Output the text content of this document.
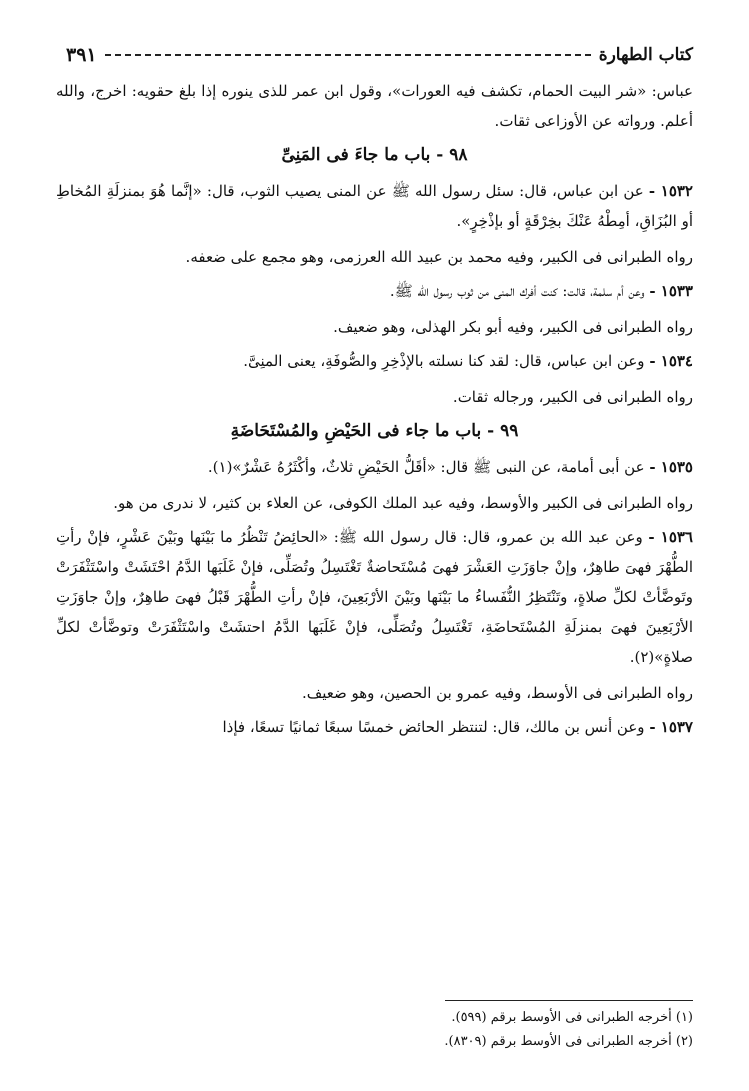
كتاب الطهارة
٣٩١

عباس: «شر البيت الحمام، تكشف فيه العورات»، وقول ابن عمر للذى ينوره إذا بلغ حقويه: اخرج، والله أعلم. ورواته عن الأوزاعى ثقات.

٩٨ - باب ما جاءَ فى المَنِىِّ

١٥٣٢ - عن ابن عباس، قال: سئل رسول الله ﷺ عن المنى يصيب الثوب، قال: «إنَّما هُوَ بمنزلَةِ المُخاطِ أو البُزَاقِ، أمِطْهُ عَنْكَ بخِرْقَةٍ أو بإذْخِرٍ».

رواه الطبرانى فى الكبير، وفيه محمد بن عبيد الله العرزمى، وهو مجمع على ضعفه.

١٥٣٣ - وعن أم سلمة، قالت: كنت أفرك المنى من ثوب رسول الله ﷺ.

رواه الطبرانى فى الكبير، وفيه أبو بكر الهذلى، وهو ضعيف.

١٥٣٤ - وعن ابن عباس، قال: لقد كنا نسلته بالإذْخِرِ والصُّوفَةِ، يعنى المنِىَّ.

رواه الطبرانى فى الكبير، ورجاله ثقات.

٩٩ - باب ما جاء فى الحَيْضِ والمُسْتَحَاضَةِ

١٥٣٥ - عن أبى أمامة، عن النبى ﷺ قال: «أقَلُّ الحَيْضِ ثلاثٌ، وأكْثَرُهُ عَشْرٌ»(١).

رواه الطبرانى فى الكبير والأوسط، وفيه عبد الملك الكوفى، عن العلاء بن كثير، لا ندرى من هو.

١٥٣٦ - وعن عبد الله بن عمرو، قال: قال رسول الله ﷺ: «الحائِضُ تَنْظُرُ ما بَيْنَها وبَيْنَ عَشْرٍ، فإنْ رأتِ الطُّهْرَ فهىَ طاهِرٌ، وإنْ جاوَزَتِ العَشْرَ فهىَ مُسْتَحاضةٌ تَغْتَسِلُ وتُصَلِّى، فإنْ غَلَبَها الدَّمُ احْتَشَتْ واسْتَثْفَرَتْ وتَوضَّأتْ لكلِّ صلاةٍ، وتَنْتَظِرُ النُّفَساءُ ما بَيْنَها وبَيْنَ الأرْبَعِينَ، فإنْ رأتِ الطُّهْرَ قَبْلُ فهىَ طاهِرٌ، وإنْ جاوَزَتِ الأرْبَعِينَ فهىَ بمنزلَةِ المُسْتَحاضَةِ، تَغْتَسِلُ وتُصَلِّى، فإنْ غَلَبَها الدَّمُ احتشَتْ واسْتَثْفَرَتْ وتوضَّأتْ لكلِّ صلاةٍ»(٢).

رواه الطبرانى فى الأوسط، وفيه عمرو بن الحصين، وهو ضعيف.

١٥٣٧ - وعن أنس بن مالك، قال: لتنتظر الحائض خمسًا سبعًا ثمانيًا تسعًا، فإذا

(١) أخرجه الطبرانى فى الأوسط برقم (٥٩٩).
(٢) أخرجه الطبرانى فى الأوسط برقم (٨٣٠٩).
